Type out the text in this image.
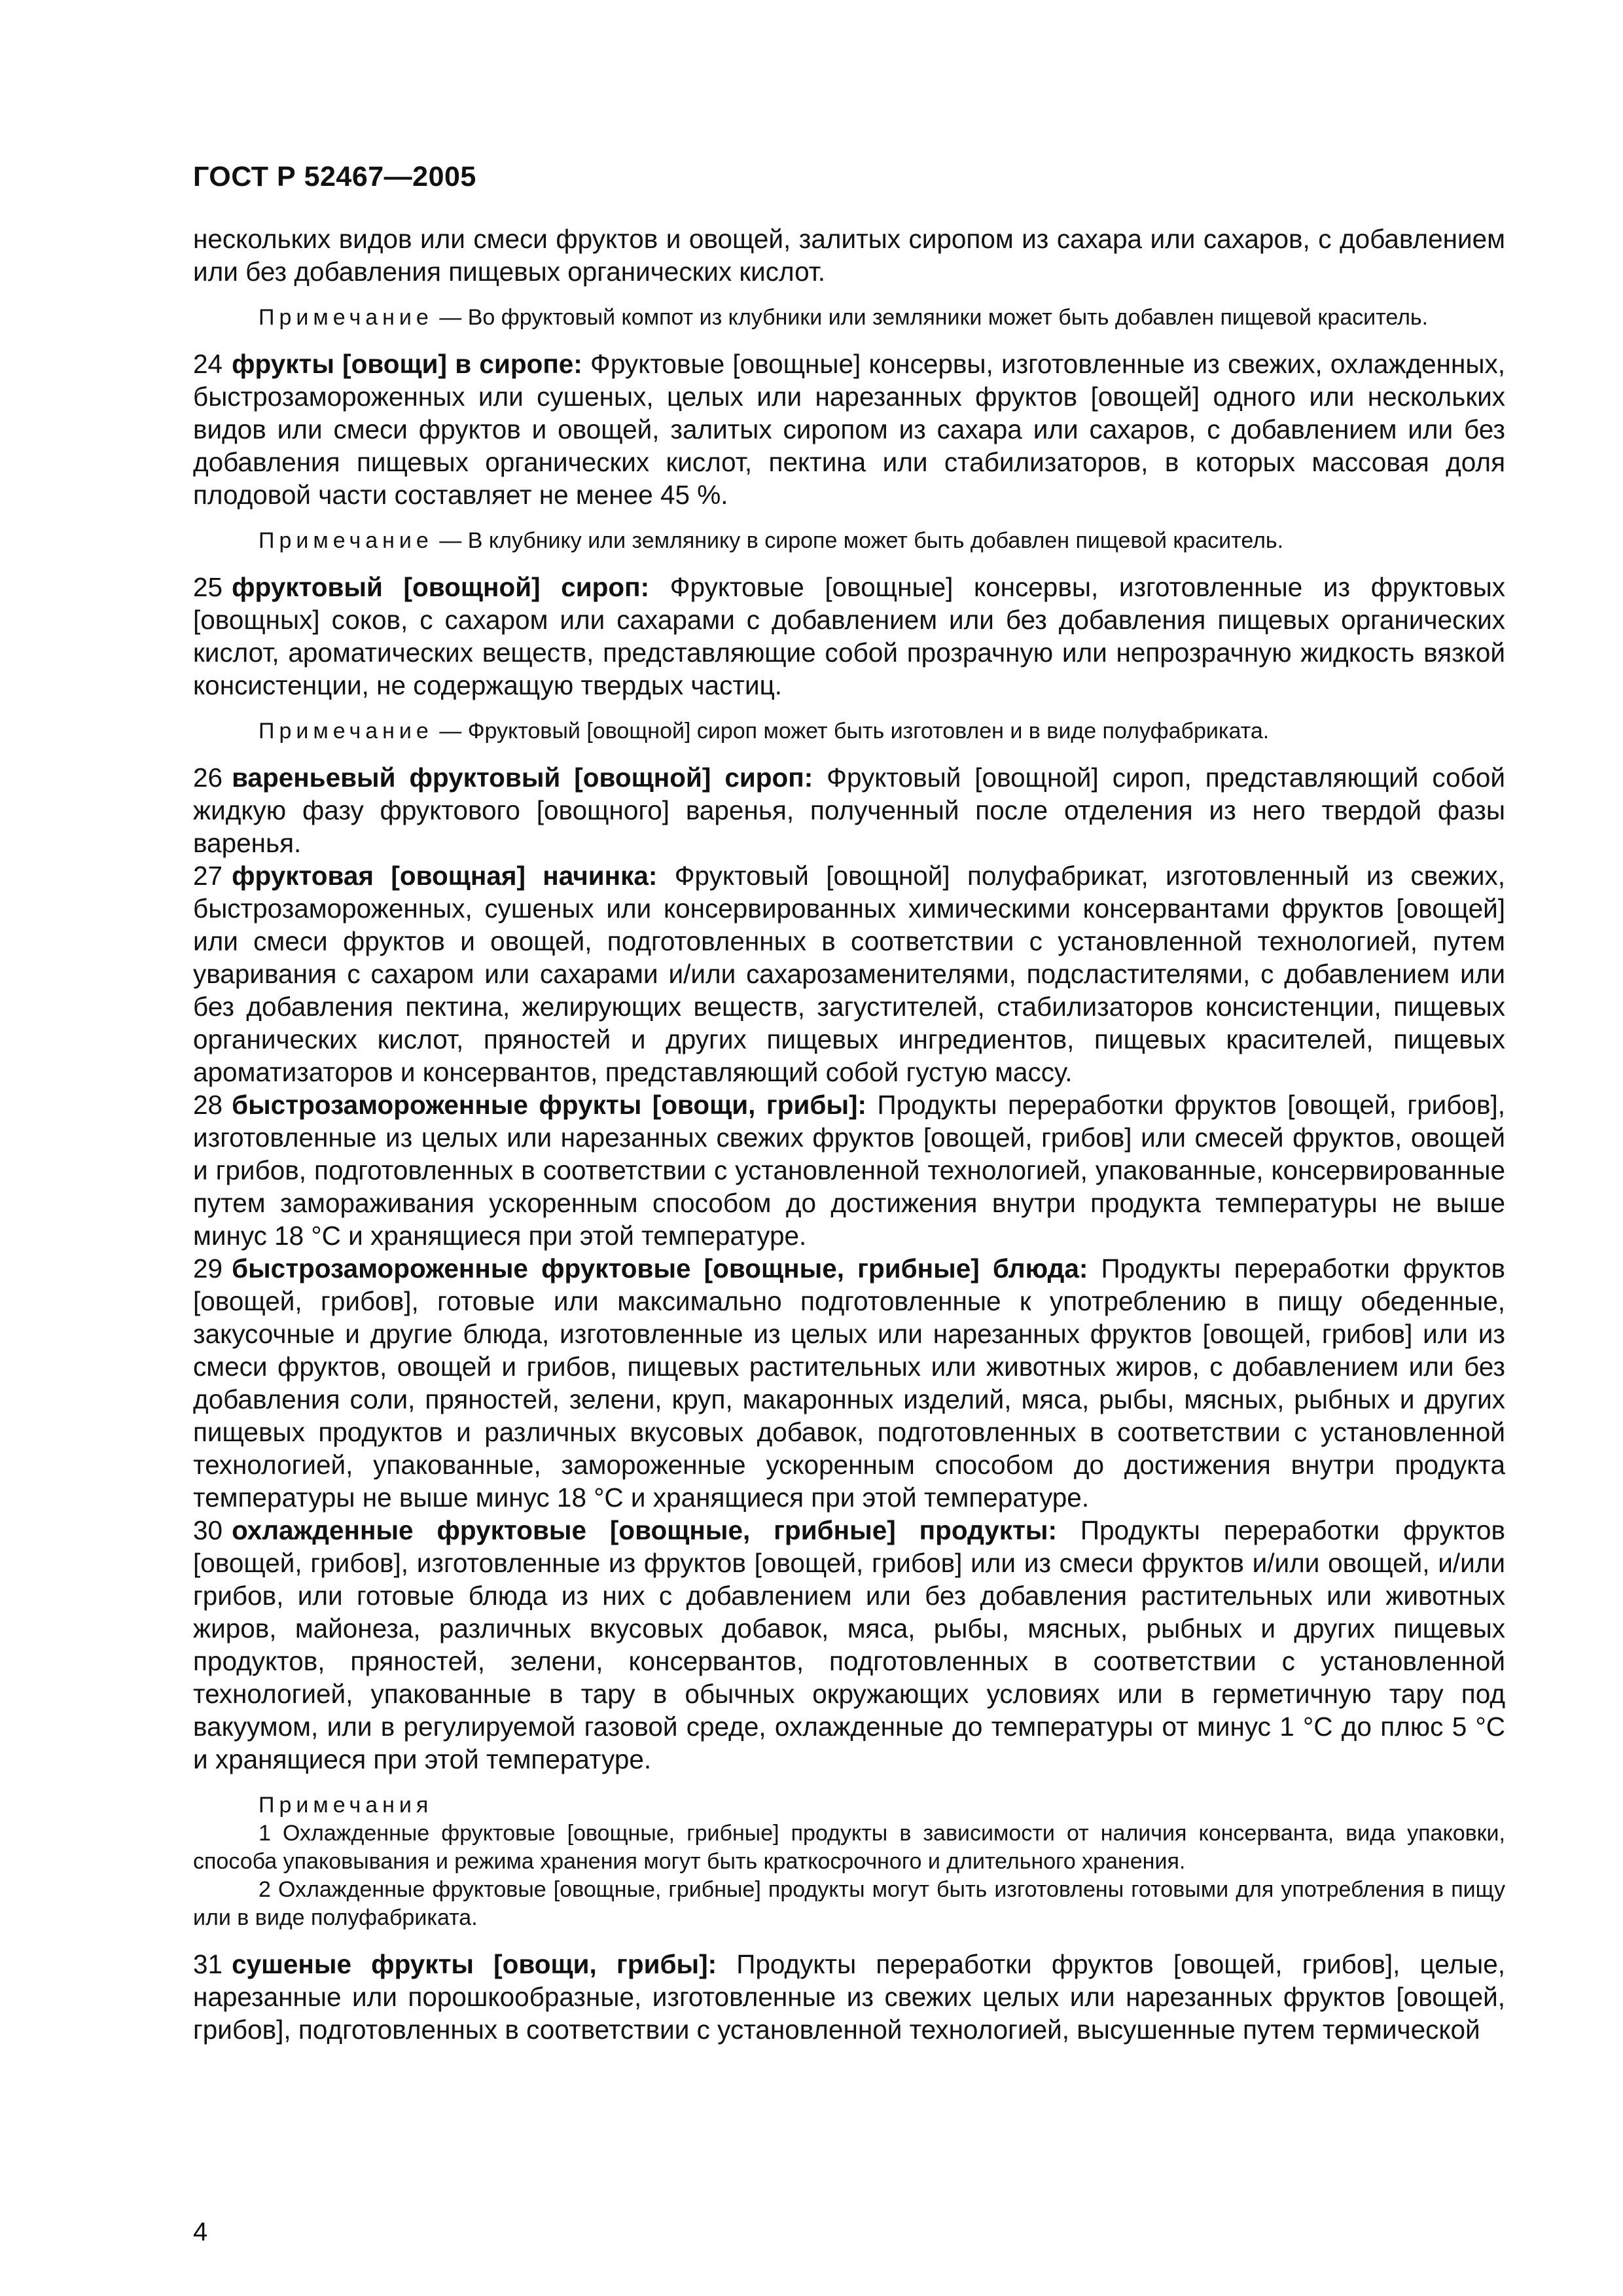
ГОСТ Р 52467—2005

нескольких видов или смеси фруктов и овощей, залитых сиропом из сахара или сахаров, с добавлением или без добавления пищевых органических кислот.

Примечание — Во фруктовый компот из клубники или земляники может быть добавлен пищевой краситель.

24 фрукты [овощи] в сиропе: Фруктовые [овощные] консервы, изготовленные из свежих, охлажденных, быстрозамороженных или сушеных, целых или нарезанных фруктов [овощей] одного или нескольких видов или смеси фруктов и овощей, залитых сиропом из сахара или сахаров, с добавлением или без добавления пищевых органических кислот, пектина или стабилизаторов, в которых массовая доля плодовой части составляет не менее 45 %.

Примечание — В клубнику или землянику в сиропе может быть добавлен пищевой краситель.

25 фруктовый [овощной] сироп: Фруктовые [овощные] консервы, изготовленные из фруктовых [овощных] соков, с сахаром или сахарами с добавлением или без добавления пищевых органических кислот, ароматических веществ, представляющие собой прозрачную или непрозрачную жидкость вязкой консистенции, не содержащую твердых частиц.

Примечание — Фруктовый [овощной] сироп может быть изготовлен и в виде полуфабриката.

26 вареньевый фруктовый [овощной] сироп: Фруктовый [овощной] сироп, представляющий собой жидкую фазу фруктового [овощного] варенья, полученный после отделения из него твердой фазы варенья.

27 фруктовая [овощная] начинка: Фруктовый [овощной] полуфабрикат, изготовленный из свежих, быстрозамороженных, сушеных или консервированных химическими консервантами фруктов [овощей] или смеси фруктов и овощей, подготовленных в соответствии с установленной технологией, путем уваривания с сахаром или сахарами и/или сахарозаменителями, подсластителями, с добавлением или без добавления пектина, желирующих веществ, загустителей, стабилизаторов консистенции, пищевых органических кислот, пряностей и других пищевых ингредиентов, пищевых красителей, пищевых ароматизаторов и консервантов, представляющий собой густую массу.

28 быстрозамороженные фрукты [овощи, грибы]: Продукты переработки фруктов [овощей, грибов], изготовленные из целых или нарезанных свежих фруктов [овощей, грибов] или смесей фруктов, овощей и грибов, подготовленных в соответствии с установленной технологией, упакованные, консервированные путем замораживания ускоренным способом до достижения внутри продукта температуры не выше минус 18 °С и хранящиеся при этой температуре.

29 быстрозамороженные фруктовые [овощные, грибные] блюда: Продукты переработки фруктов [овощей, грибов], готовые или максимально подготовленные к употреблению в пищу обеденные, закусочные и другие блюда, изготовленные из целых или нарезанных фруктов [овощей, грибов] или из смеси фруктов, овощей и грибов, пищевых растительных или животных жиров, с добавлением или без добавления соли, пряностей, зелени, круп, макаронных изделий, мяса, рыбы, мясных, рыбных и других пищевых продуктов и различных вкусовых добавок, подготовленных в соответствии с установленной технологией, упакованные, замороженные ускоренным способом до достижения внутри продукта температуры не выше минус 18 °С и хранящиеся при этой температуре.

30 охлажденные фруктовые [овощные, грибные] продукты: Продукты переработки фруктов [овощей, грибов], изготовленные из фруктов [овощей, грибов] или из смеси фруктов и/или овощей, и/или грибов, или готовые блюда из них с добавлением или без добавления растительных или животных жиров, майонеза, различных вкусовых добавок, мяса, рыбы, мясных, рыбных и других пищевых продуктов, пряностей, зелени, консервантов, подготовленных в соответствии с установленной технологией, упакованные в тару в обычных окружающих условиях или в герметичную тару под вакуумом, или в регулируемой газовой среде, охлажденные до температуры от минус 1 °С до плюс 5 °С и хранящиеся при этой температуре.

Примечания

1 Охлажденные фруктовые [овощные, грибные] продукты в зависимости от наличия консерванта, вида упаковки, способа упаковывания и режима хранения могут быть краткосрочного и длительного хранения.

2 Охлажденные фруктовые [овощные, грибные] продукты могут быть изготовлены готовыми для употребления в пищу или в виде полуфабриката.

31 сушеные фрукты [овощи, грибы]: Продукты переработки фруктов [овощей, грибов], целые, нарезанные или порошкообразные, изготовленные из свежих целых или нарезанных фруктов [овощей, грибов], подготовленных в соответствии с установленной технологией, высушенные путем термической

4
